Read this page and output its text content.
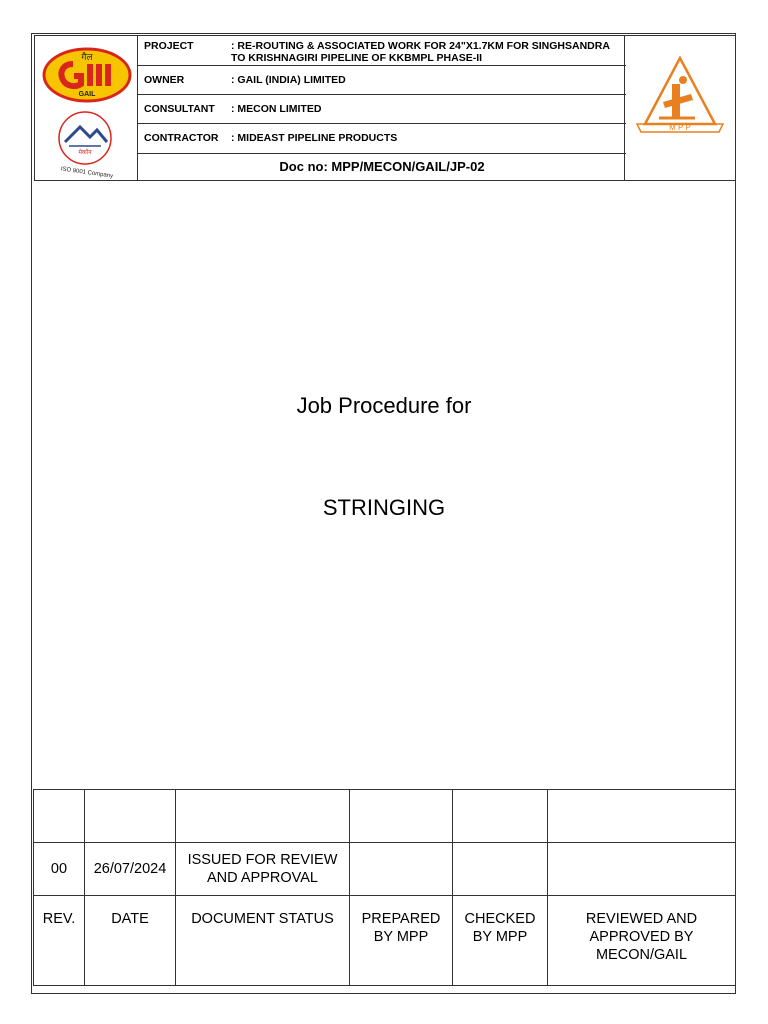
गैल
GAIL
मेकॉन
ISO 9001 Company
PROJECT	: RE-ROUTING & ASSOCIATED WORK FOR 24"X1.7KM FOR SINGHSANDRA TO KRISHNAGIRI PIPELINE OF KKBMPL PHASE-II
OWNER	: GAIL (INDIA) LIMITED
CONSULTANT : MECON LIMITED
CONTRACTOR : MIDEAST PIPELINE PRODUCTS
Doc no: MPP/MECON/GAIL/JP-02
M P P
Job Procedure for
STRINGING

00	26/07/2024	ISSUED FOR REVIEW AND APPROVAL			
REV.	DATE	DOCUMENT STATUS	PREPARED BY MPP	CHECKED BY MPP	REVIEWED AND APPROVED BY MECON/GAIL
